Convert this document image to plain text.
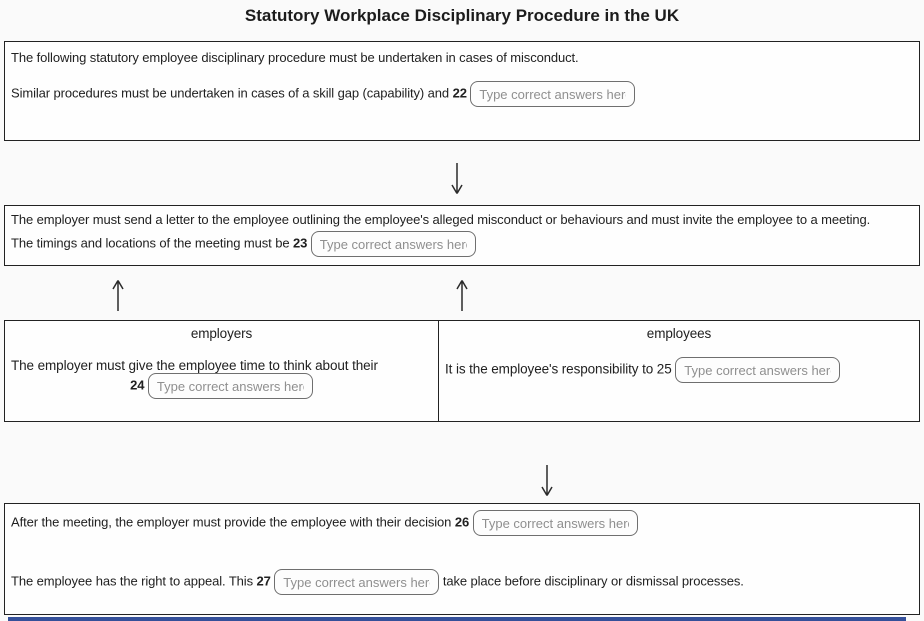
Statutory Workplace Disciplinary Procedure in the UK

The following statutory employee disciplinary procedure must be undertaken in cases of misconduct.

Similar procedures must be undertaken in cases of a skill gap (capability) and 22 Type correct answers here.

The employer must send a letter to the employee outlining the employee's alleged misconduct or behaviours and must invite the employee to a meeting.

The timings and locations of the meeting must be 23 Type correct answers here.

employers

The employer must give the employee time to think about their

24 Type correct answers here.

employees

It is the employee's responsibility to 25 Type correct answers here.

After the meeting, the employer must provide the employee with their decision 26 Type correct answers here.

The employee has the right to appeal. This 27 Type correct answers here.	take place before disciplinary or dismissal processes.
